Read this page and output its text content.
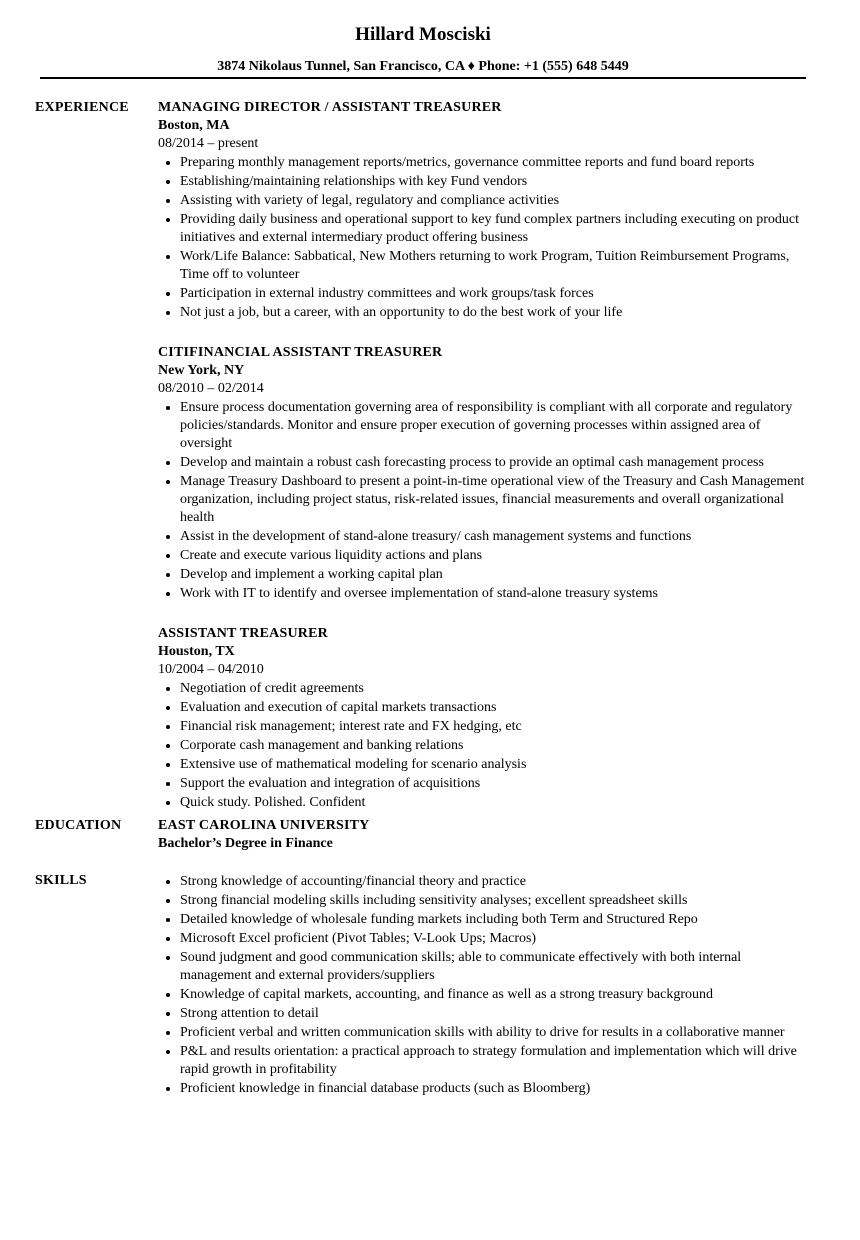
Hillard Mosciski
3874 Nikolaus Tunnel, San Francisco, CA ♦ Phone: +1 (555) 648 5449
EXPERIENCE MANAGING DIRECTOR / ASSISTANT TREASURER
Boston, MA
08/2014 – present
• Preparing monthly management reports/metrics, governance committee reports and fund board reports
• Establishing/maintaining relationships with key Fund vendors
• Assisting with variety of legal, regulatory and compliance activities
• Providing daily business and operational support to key fund complex partners including executing on product initiatives and external intermediary product offering business
• Work/Life Balance: Sabbatical, New Mothers returning to work Program, Tuition Reimbursement Programs, Time off to volunteer
• Participation in external industry committees and work groups/task forces
• Not just a job, but a career, with an opportunity to do the best work of your life
CITIFINANCIAL ASSISTANT TREASURER
New York, NY
08/2010 – 02/2014
• Ensure process documentation governing area of responsibility is compliant with all corporate and regulatory policies/standards. Monitor and ensure proper execution of governing processes within assigned area of oversight
• Develop and maintain a robust cash forecasting process to provide an optimal cash management process
• Manage Treasury Dashboard to present a point-in-time operational view of the Treasury and Cash Management organization, including project status, risk-related issues, financial measurements and overall organizational health
• Assist in the development of stand-alone treasury/ cash management systems and functions
• Create and execute various liquidity actions and plans
• Develop and implement a working capital plan
• Work with IT to identify and oversee implementation of stand-alone treasury systems
ASSISTANT TREASURER
Houston, TX
10/2004 – 04/2010
• Negotiation of credit agreements
• Evaluation and execution of capital markets transactions
• Financial risk management; interest rate and FX hedging, etc
• Corporate cash management and banking relations
• Extensive use of mathematical modeling for scenario analysis
• Support the evaluation and integration of acquisitions
• Quick study. Polished. Confident
EDUCATION	EAST CAROLINA UNIVERSITY
Bachelor’s Degree in Finance
SKILLS
•	Strong knowledge of accounting/financial theory and practice
• Strong financial modeling skills including sensitivity analyses; excellent spreadsheet skills
• Detailed knowledge of wholesale funding markets including both Term and Structured Repo
• Microsoft Excel proficient (Pivot Tables; V-Look Ups; Macros)
• Sound judgment and good communication skills; able to communicate effectively with both internal management and external providers/suppliers
• Knowledge of capital markets, accounting, and finance as well as a strong treasury background
• Strong attention to detail
• Proficient verbal and written communication skills with ability to drive for results in a collaborative manner
• P&L and results orientation: a practical approach to strategy formulation and implementation which will drive rapid growth in profitability
• Proficient knowledge in financial database products (such as Bloomberg)
